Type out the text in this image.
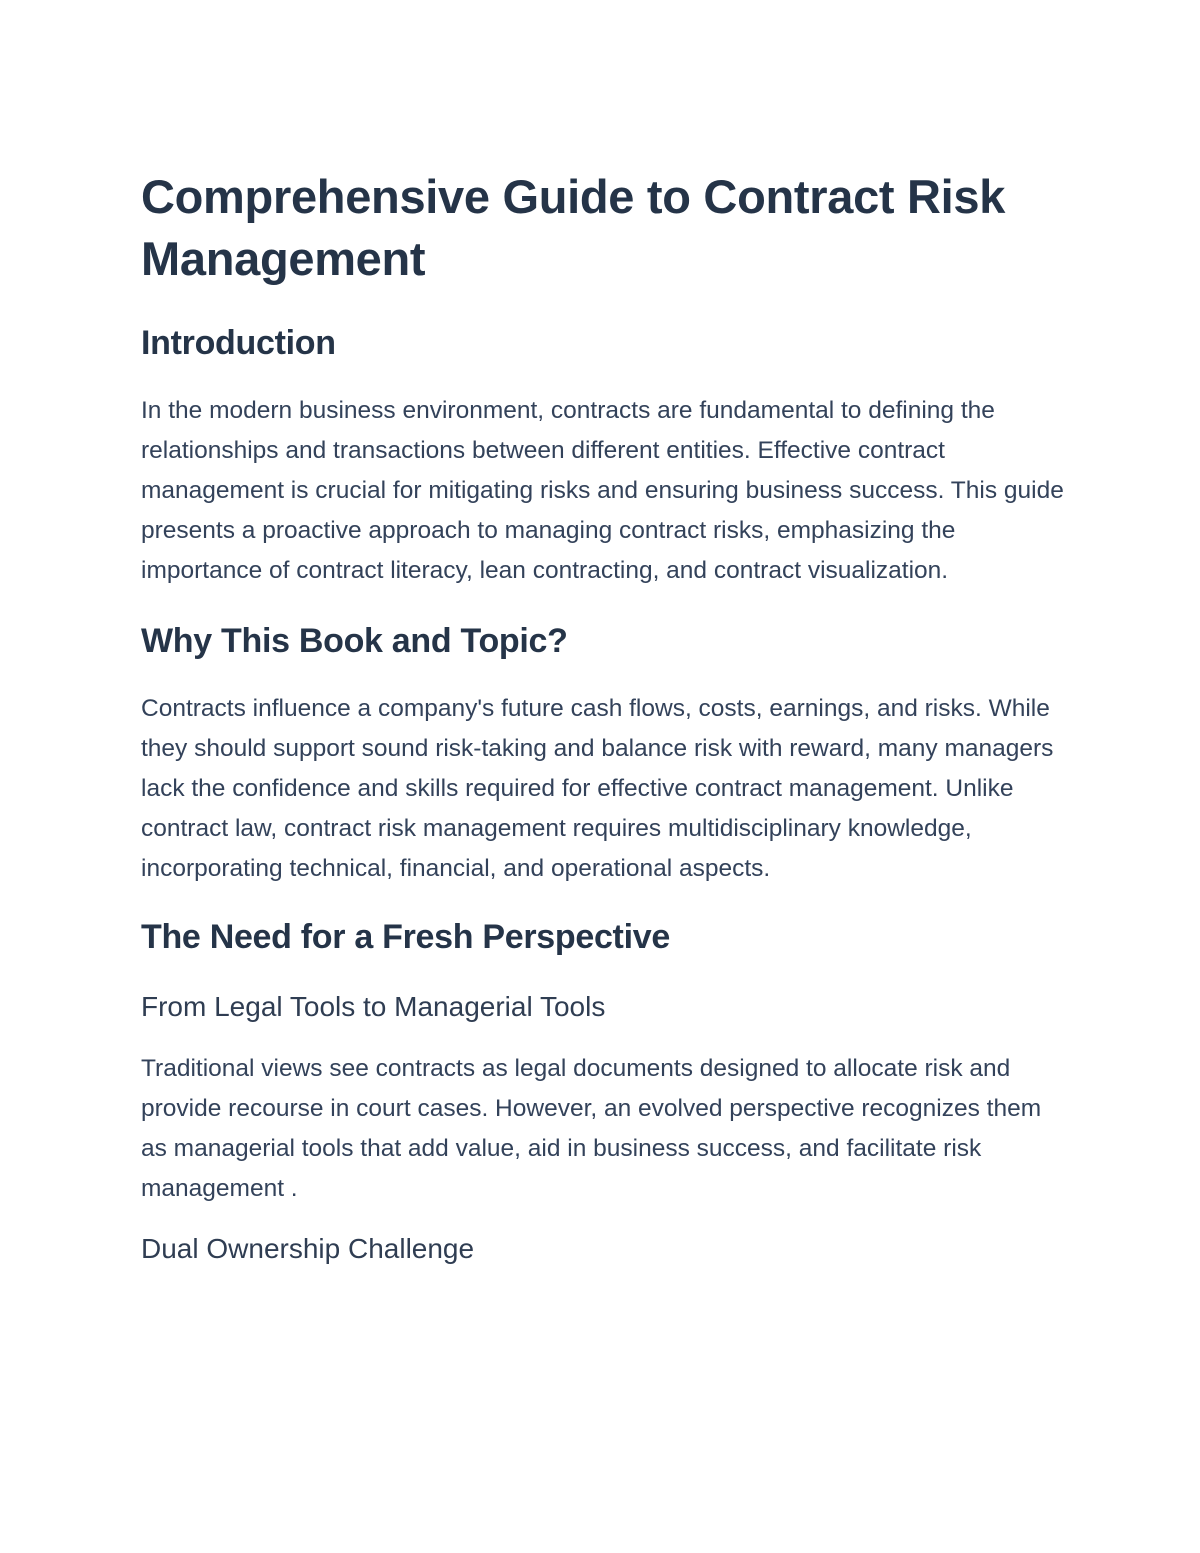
Comprehensive Guide to Contract Risk Management
Introduction

In the modern business environment, contracts are fundamental to defining the relationships and transactions between different entities. Effective contract management is crucial for mitigating risks and ensuring business success. This guide presents a proactive approach to managing contract risks, emphasizing the importance of contract literacy, lean contracting, and contract visualization.

Why This Book and Topic?

Contracts influence a company's future cash flows, costs, earnings, and risks. While they should support sound risk-taking and balance risk with reward, many managers lack the confidence and skills required for effective contract management. Unlike contract law, contract risk management requires multidisciplinary knowledge, incorporating technical, financial, and operational aspects.

The Need for a Fresh Perspective
From Legal Tools to Managerial Tools

Traditional views see contracts as legal documents designed to allocate risk and provide recourse in court cases. However, an evolved perspective recognizes them as managerial tools that add value, aid in business success, and facilitate risk management .

Dual Ownership Challenge
